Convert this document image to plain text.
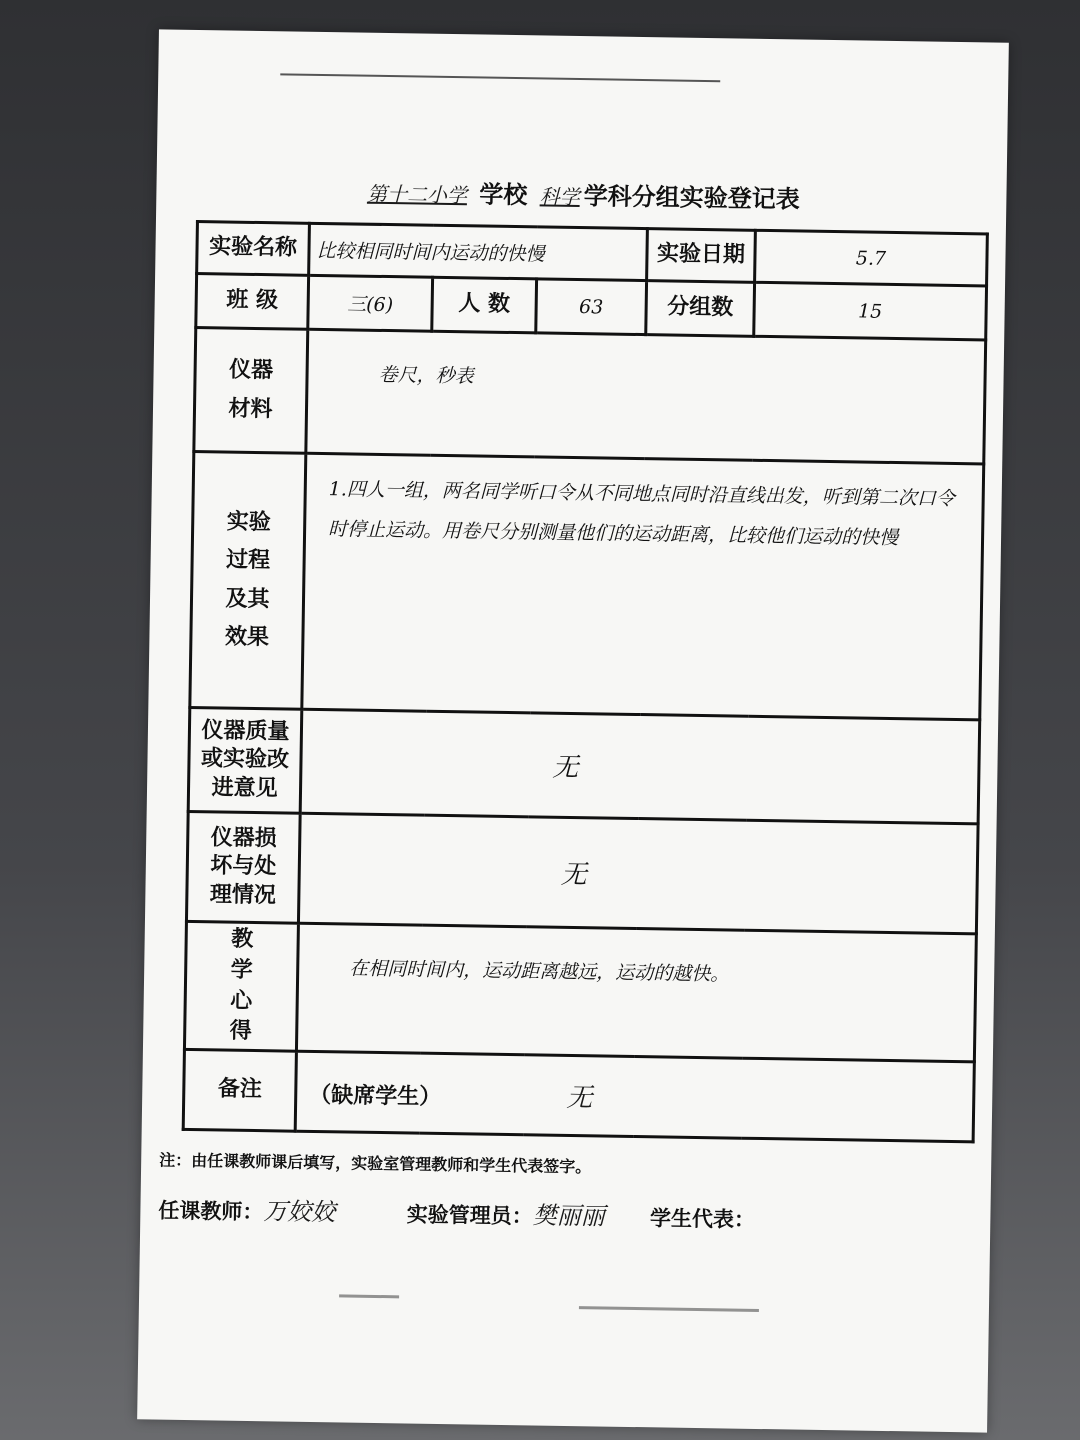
第十二小学 学校 科学 学科分组实验登记表
实验名称	比较相同时间内运动的快慢			实验日期	5.7
班 级	三(6)	人 数	63	分组数	15
仪器材料	卷尺，秒表				
实验过程及其效果	1.四人一组，两名同学听口令从不同地点同时沿直线出发，听到第二次口令时停止运动。用卷尺分别测量他们的运动距离，比较他们运动的快慢				
仪器质量或实验改进意见	无				
仪器损坏与处理情况	无				
教学心得	在相同时间内，运动距离越远，运动的越快。				
备注	（缺席学生） 无				
注：由任课教师课后填写，实验室管理教师和学生代表签字。
任课教师：万姣姣	实验管理员：樊丽丽 学生代表：
